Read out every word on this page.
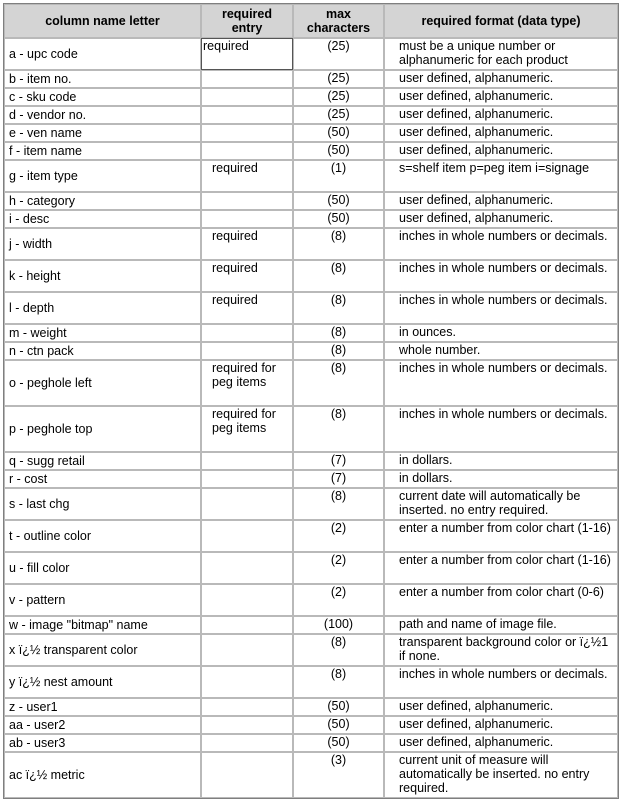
column name letter	required entry	max characters	required format (data type)
a - upc code	required	(25)	must be a unique number or alphanumeric for each product
b - item no.		(25)	user defined, alphanumeric.
c - sku code		(25)	user defined, alphanumeric.
d - vendor no.		(25)	user defined, alphanumeric.
e - ven name		(50)	user defined, alphanumeric.
f - item name		(50)	user defined, alphanumeric.
g - item type	required	(1)	s=shelf item p=peg item i=signage
h - category		(50)	user defined, alphanumeric.
i - desc		(50)	user defined, alphanumeric.
j - width	required	(8)	inches in whole numbers or decimals.
k - height	required	(8)	inches in whole numbers or decimals.
l - depth	required	(8)	inches in whole numbers or decimals.
m - weight		(8)	in ounces.
n - ctn pack		(8)	whole number.
o - peghole left	required for peg items	(8)	inches in whole numbers or decimals.
p - peghole top	required for peg items	(8)	inches in whole numbers or decimals.
q - sugg retail		(7)	in dollars.
r - cost		(7)	in dollars.
s - last chg		(8)	current date will automatically be inserted. no entry required.
t - outline color		(2)	enter a number from color chart (1-16)
u - fill color		(2)	enter a number from color chart (1-16)
v - pattern		(2)	enter a number from color chart (0-6)
w - image "bitmap" name		(100)	path and name of image file.
x ï¿½ transparent color		(8)	transparent background color or ï¿½1 if none.
y ï¿½ nest amount		(8)	inches in whole numbers or decimals.
z - user1		(50)	user defined, alphanumeric.
aa - user2		(50)	user defined, alphanumeric.
ab - user3		(50)	user defined, alphanumeric.
ac ï¿½ metric		(3)	current unit of measure will automatically be inserted. no entry required.
